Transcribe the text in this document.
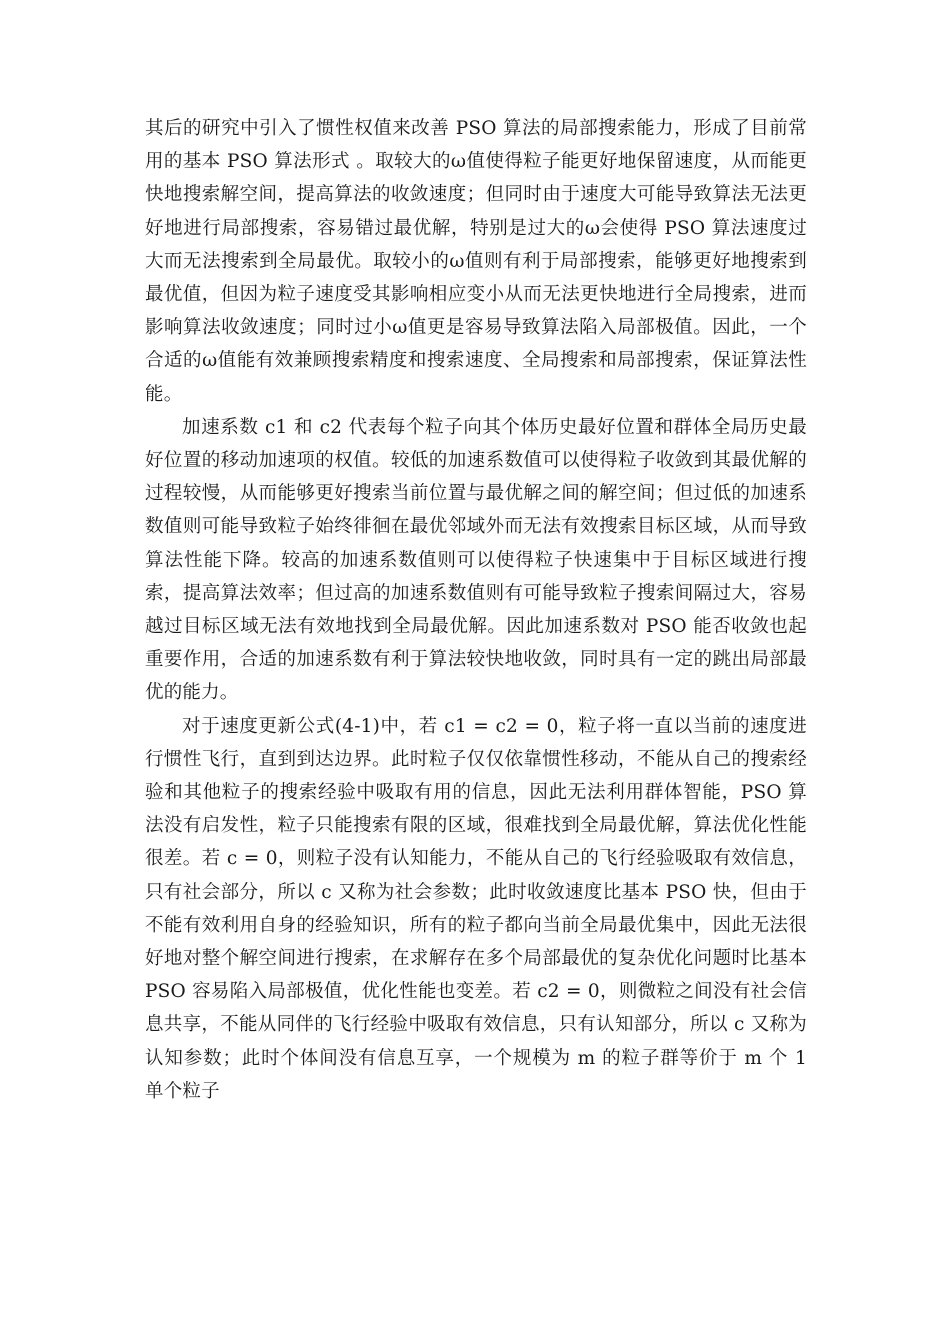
其后的研究中引入了惯性权值来改善 PSO 算法的局部搜索能力，形成了目前常用的基本 PSO 算法形式 。取较大的ω值使得粒子能更好地保留速度，从而能更快地搜索解空间，提高算法的收敛速度；但同时由于速度大可能导致算法无法更好地进行局部搜索，容易错过最优解，特别是过大的ω会使得 PSO 算法速度过大而无法搜索到全局最优。取较小的ω值则有利于局部搜索，能够更好地搜索到最优值，但因为粒子速度受其影响相应变小从而无法更快地进行全局搜索，进而影响算法收敛速度；同时过小ω值更是容易导致算法陷入局部极值。因此，一个合适的ω值能有效兼顾搜索精度和搜索速度、全局搜索和局部搜索，保证算法性能。

加速系数 c1 和 c2 代表每个粒子向其个体历史最好位置和群体全局历史最好位置的移动加速项的权值。较低的加速系数值可以使得粒子收敛到其最优解的过程较慢，从而能够更好搜索当前位置与最优解之间的解空间；但过低的加速系数值则可能导致粒子始终徘徊在最优邻域外而无法有效搜索目标区域，从而导致算法性能下降。较高的加速系数值则可以使得粒子快速集中于目标区域进行搜索，提高算法效率；但过高的加速系数值则有可能导致粒子搜索间隔过大，容易越过目标区域无法有效地找到全局最优解。因此加速系数对 PSO 能否收敛也起重要作用，合适的加速系数有利于算法较快地收敛，同时具有一定的跳出局部最优的能力。

对于速度更新公式(4-1)中，若 c1 = c2 = 0，粒子将一直以当前的速度进行惯性飞行，直到到达边界。此时粒子仅仅依靠惯性移动，不能从自己的搜索经验和其他粒子的搜索经验中吸取有用的信息，因此无法利用群体智能，PSO 算法没有启发性，粒子只能搜索有限的区域，很难找到全局最优解，算法优化性能很差。若 c = 0，则粒子没有认知能力，不能从自己的飞行经验吸取有效信息，只有社会部分，所以 c 又称为社会参数；此时收敛速度比基本 PSO 快，但由于不能有效利用自身的经验知识，所有的粒子都向当前全局最优集中，因此无法很好地对整个解空间进行搜索，在求解存在多个局部最优的复杂优化问题时比基本 PSO 容易陷入局部极值，优化性能也变差。若 c2 = 0，则微粒之间没有社会信息共享，不能从同伴的飞行经验中吸取有效信息，只有认知部分，所以 c 又称为认知参数；此时个体间没有信息互享，一个规模为 m 的粒子群等价于 m 个 1 单个粒子
